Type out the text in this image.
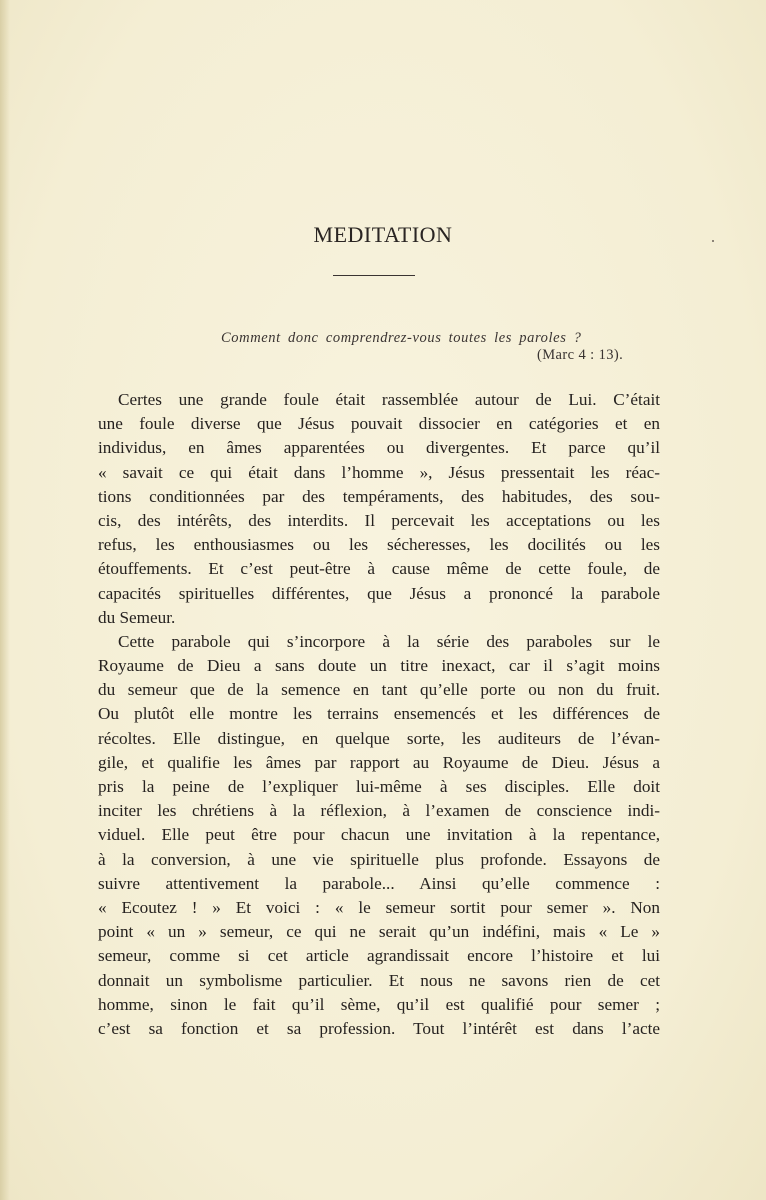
MEDITATION
Comment donc comprendrez-vous toutes les paroles ?
(Marc 4 : 13).
Certes une grande foule était rassemblée autour de Lui. C’était
une foule diverse que Jésus pouvait dissocier en catégories et en
individus, en âmes apparentées ou divergentes. Et parce qu’il
« savait ce qui était dans l’homme », Jésus pressentait les réac-
tions conditionnées par des tempéraments, des habitudes, des sou-
cis, des intérêts, des interdits. Il percevait les acceptations ou les
refus, les enthousiasmes ou les sécheresses, les docilités ou les
étouffements. Et c’est peut-être à cause même de cette foule, de
capacités spirituelles différentes, que Jésus a prononcé la parabole
du Semeur.
Cette parabole qui s’incorpore à la série des paraboles sur le
Royaume de Dieu a sans doute un titre inexact, car il s’agit moins
du semeur que de la semence en tant qu’elle porte ou non du fruit.
Ou plutôt elle montre les terrains ensemencés et les différences de
récoltes. Elle distingue, en quelque sorte, les auditeurs de l’évan-
gile, et qualifie les âmes par rapport au Royaume de Dieu. Jésus a
pris la peine de l’expliquer lui-même à ses disciples. Elle doit
inciter les chrétiens à la réflexion, à l’examen de conscience indi-
viduel. Elle peut être pour chacun une invitation à la repentance,
à la conversion, à une vie spirituelle plus profonde. Essayons de
suivre attentivement la parabole... Ainsi qu’elle commence :
« Ecoutez ! » Et voici : « le semeur sortit pour semer ». Non
point « un » semeur, ce qui ne serait qu’un indéfini, mais « Le »
semeur, comme si cet article agrandissait encore l’histoire et lui
donnait un symbolisme particulier. Et nous ne savons rien de cet
homme, sinon le fait qu’il sème, qu’il est qualifié pour semer ;
c’est sa fonction et sa profession. Tout l’intérêt est dans l’acte
